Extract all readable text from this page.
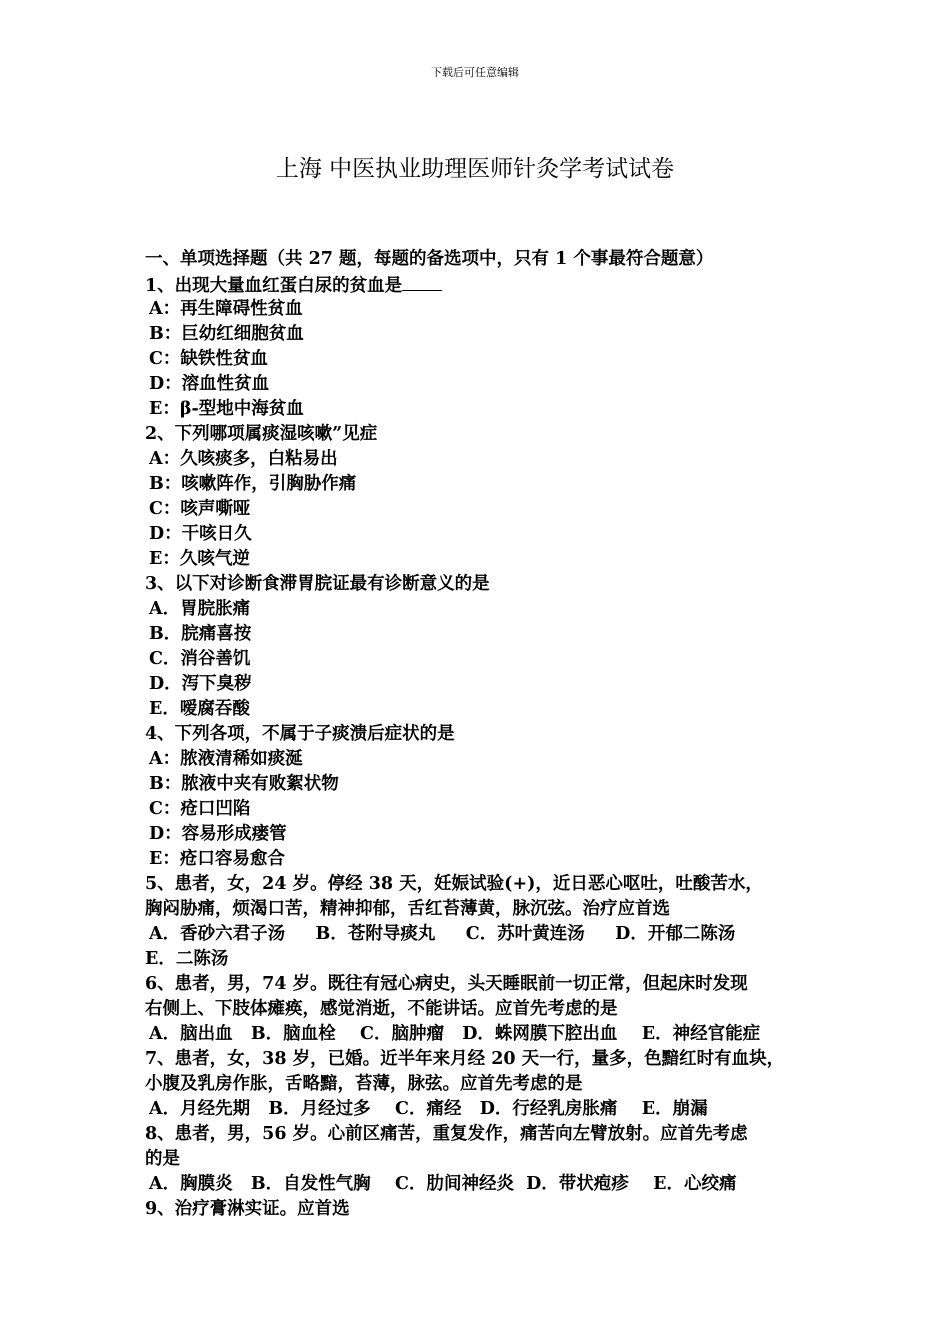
下载后可任意编辑
上海 中医执业助理医师针灸学考试试卷
一、单项选择题（共 27 题，每题的备选项中，只有 1 个事最符合题意）
1、出现大量血红蛋白尿的贫血是
A：再生障碍性贫血
B：巨幼红细胞贫血
C：缺铁性贫血
D：溶血性贫血
E：β-型地中海贫血
2、下列哪项属痰湿咳嗽”见症
A：久咳痰多，白粘易出
B：咳嗽阵作，引胸胁作痛
C：咳声嘶哑
D：干咳日久
E：久咳气逆
3、以下对诊断食滞胃脘证最有诊断意义的是
A．胃脘胀痛
B．脘痛喜按
C．消谷善饥
D．泻下臭秽
E．嗳腐吞酸
4、下列各项，不属于子痰溃后症状的是
A：脓液清稀如痰涎
B：脓液中夹有败絮状物
C：疮口凹陷
D：容易形成瘘管
E：疮口容易愈合
5、患者，女，24 岁。停经 38 天，妊娠试验(+)，近日恶心呕吐，吐酸苦水，
胸闷胁痛，烦渴口苦，精神抑郁，舌红苔薄黄，脉沉弦。治疗应首选
A．香砂六君子汤     B．苍附导痰丸     C．苏叶黄连汤     D．开郁二陈汤
E．二陈汤
6、患者，男，74 岁。既往有冠心病史，头天睡眠前一切正常，但起床时发现
右侧上、下肢体瘫痪，感觉消逝，不能讲话。应首先考虑的是
A．脑出血   B．脑血栓    C．脑肿瘤   D．蛛网膜下腔出血    E．神经官能症
7、患者，女，38 岁，已婚。近半年来月经 20 天一行，量多，色黯红时有血块，
小腹及乳房作胀，舌略黯，苔薄，脉弦。应首先考虑的是
A．月经先期   B．月经过多    C．痛经   D．行经乳房胀痛    E．崩漏
8、患者，男，56 岁。心前区痛苦，重复发作，痛苦向左臂放射。应首先考虑
的是
A．胸膜炎   B．自发性气胸    C．肋间神经炎  D．带状疱疹    E．心绞痛
9、治疗膏淋实证。应首选
